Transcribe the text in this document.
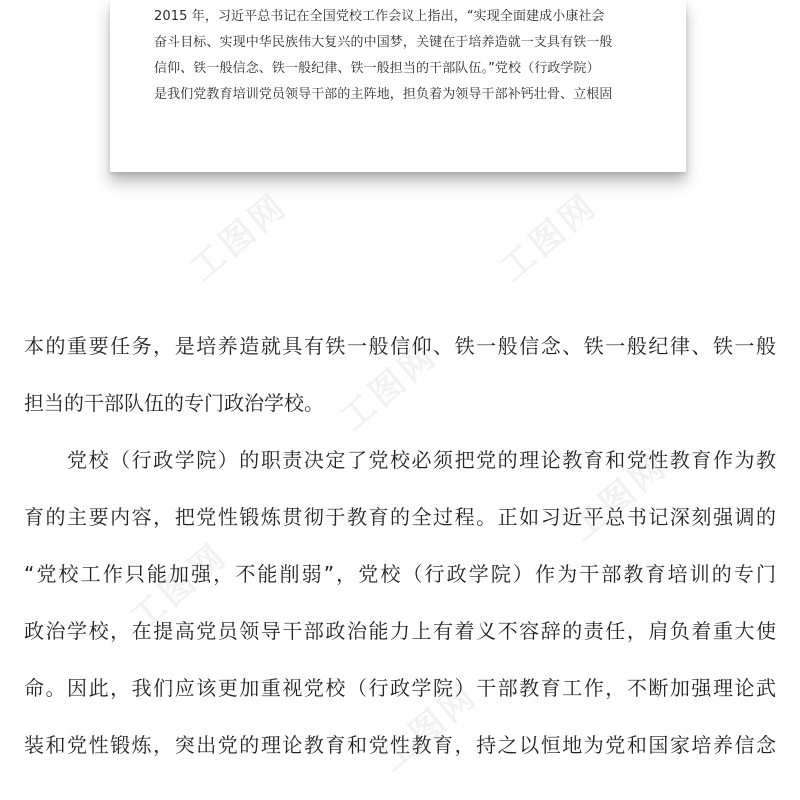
工图网	工图网
工图网
工图网
工图网
工图网
2015 年，习近平总书记在全国党校工作会议上指出，“实现全面建成小康社会
奋斗目标、实现中华民族伟大复兴的中国梦，关键在于培养造就一支具有铁一般
信仰、铁一般信念、铁一般纪律、铁一般担当的干部队伍。”党校（行政学院）
是我们党教育培训党员领导干部的主阵地，担负着为领导干部补钙壮骨、立根固
本的重要任务，是培养造就具有铁一般信仰、铁一般信念、铁一般纪律、铁一般
担当的干部队伍的专门政治学校。
　　党校（行政学院）的职责决定了党校必须把党的理论教育和党性教育作为教
育的主要内容，把党性锻炼贯彻于教育的全过程。正如习近平总书记深刻强调的
“党校工作只能加强，不能削弱”，党校（行政学院）作为干部教育培训的专门
政治学校，在提高党员领导干部政治能力上有着义不容辞的责任，肩负着重大使
命。因此，我们应该更加重视党校（行政学院）干部教育工作，不断加强理论武
装和党性锻炼，突出党的理论教育和党性教育，持之以恒地为党和国家培养信念
